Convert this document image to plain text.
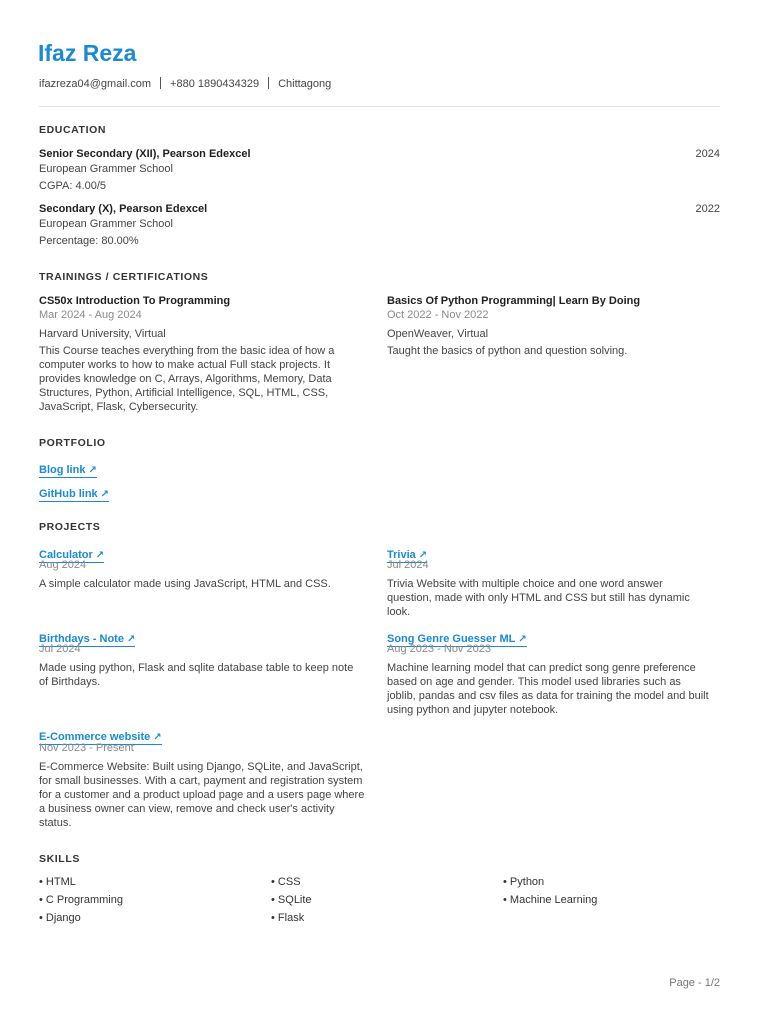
Ifaz Reza
ifazreza04@gmail.com +880 1890434329 Chittagong
EDUCATION
Senior Secondary (XII), Pearson Edexcel	2024
European Grammer School
CGPA: 4.00/5
Secondary (X), Pearson Edexcel	2022
European Grammer School
Percentage: 80.00%
TRAININGS / CERTIFICATIONS
CS50x Introduction To Programming
Mar 2024 - Aug 2024
Harvard University, Virtual
This Course teaches everything from the basic idea of how a computer works to how to make actual Full stack projects. It provides knowledge on C, Arrays, Algorithms, Memory, Data Structures, Python, Artificial Intelligence, SQL, HTML, CSS, JavaScript, Flask, Cybersecurity.
Basics Of Python Programming| Learn By Doing
Oct 2022 - Nov 2022
OpenWeaver, Virtual
Taught the basics of python and question solving.
PORTFOLIO
Blog link ↗
GitHub link ↗
PROJECTS
Calculator ↗
Aug 2024
A simple calculator made using JavaScript, HTML and CSS.
Trivia ↗
Jul 2024
Trivia Website with multiple choice and one word answer question, made with only HTML and CSS but still has dynamic look.
Birthdays - Note ↗
Jul 2024
Made using python, Flask and sqlite database table to keep note of Birthdays.
Song Genre Guesser ML ↗
Aug 2023 - Nov 2023
Machine learning model that can predict song genre preference based on age and gender. This model used libraries such as joblib, pandas and csv files as data for training the model and built using python and jupyter notebook.
E-Commerce website ↗
Nov 2023 - Present
E-Commerce Website: Built using Django, SQLite, and JavaScript, for small businesses. With a cart, payment and registration system for a customer and a product upload page and a users page where a business owner can view, remove and check user's activity status.
SKILLS
• HTML	• CSS	• Python
• C Programming	• SQLite	• Machine Learning
• Django	• Flask
Page - 1/2
